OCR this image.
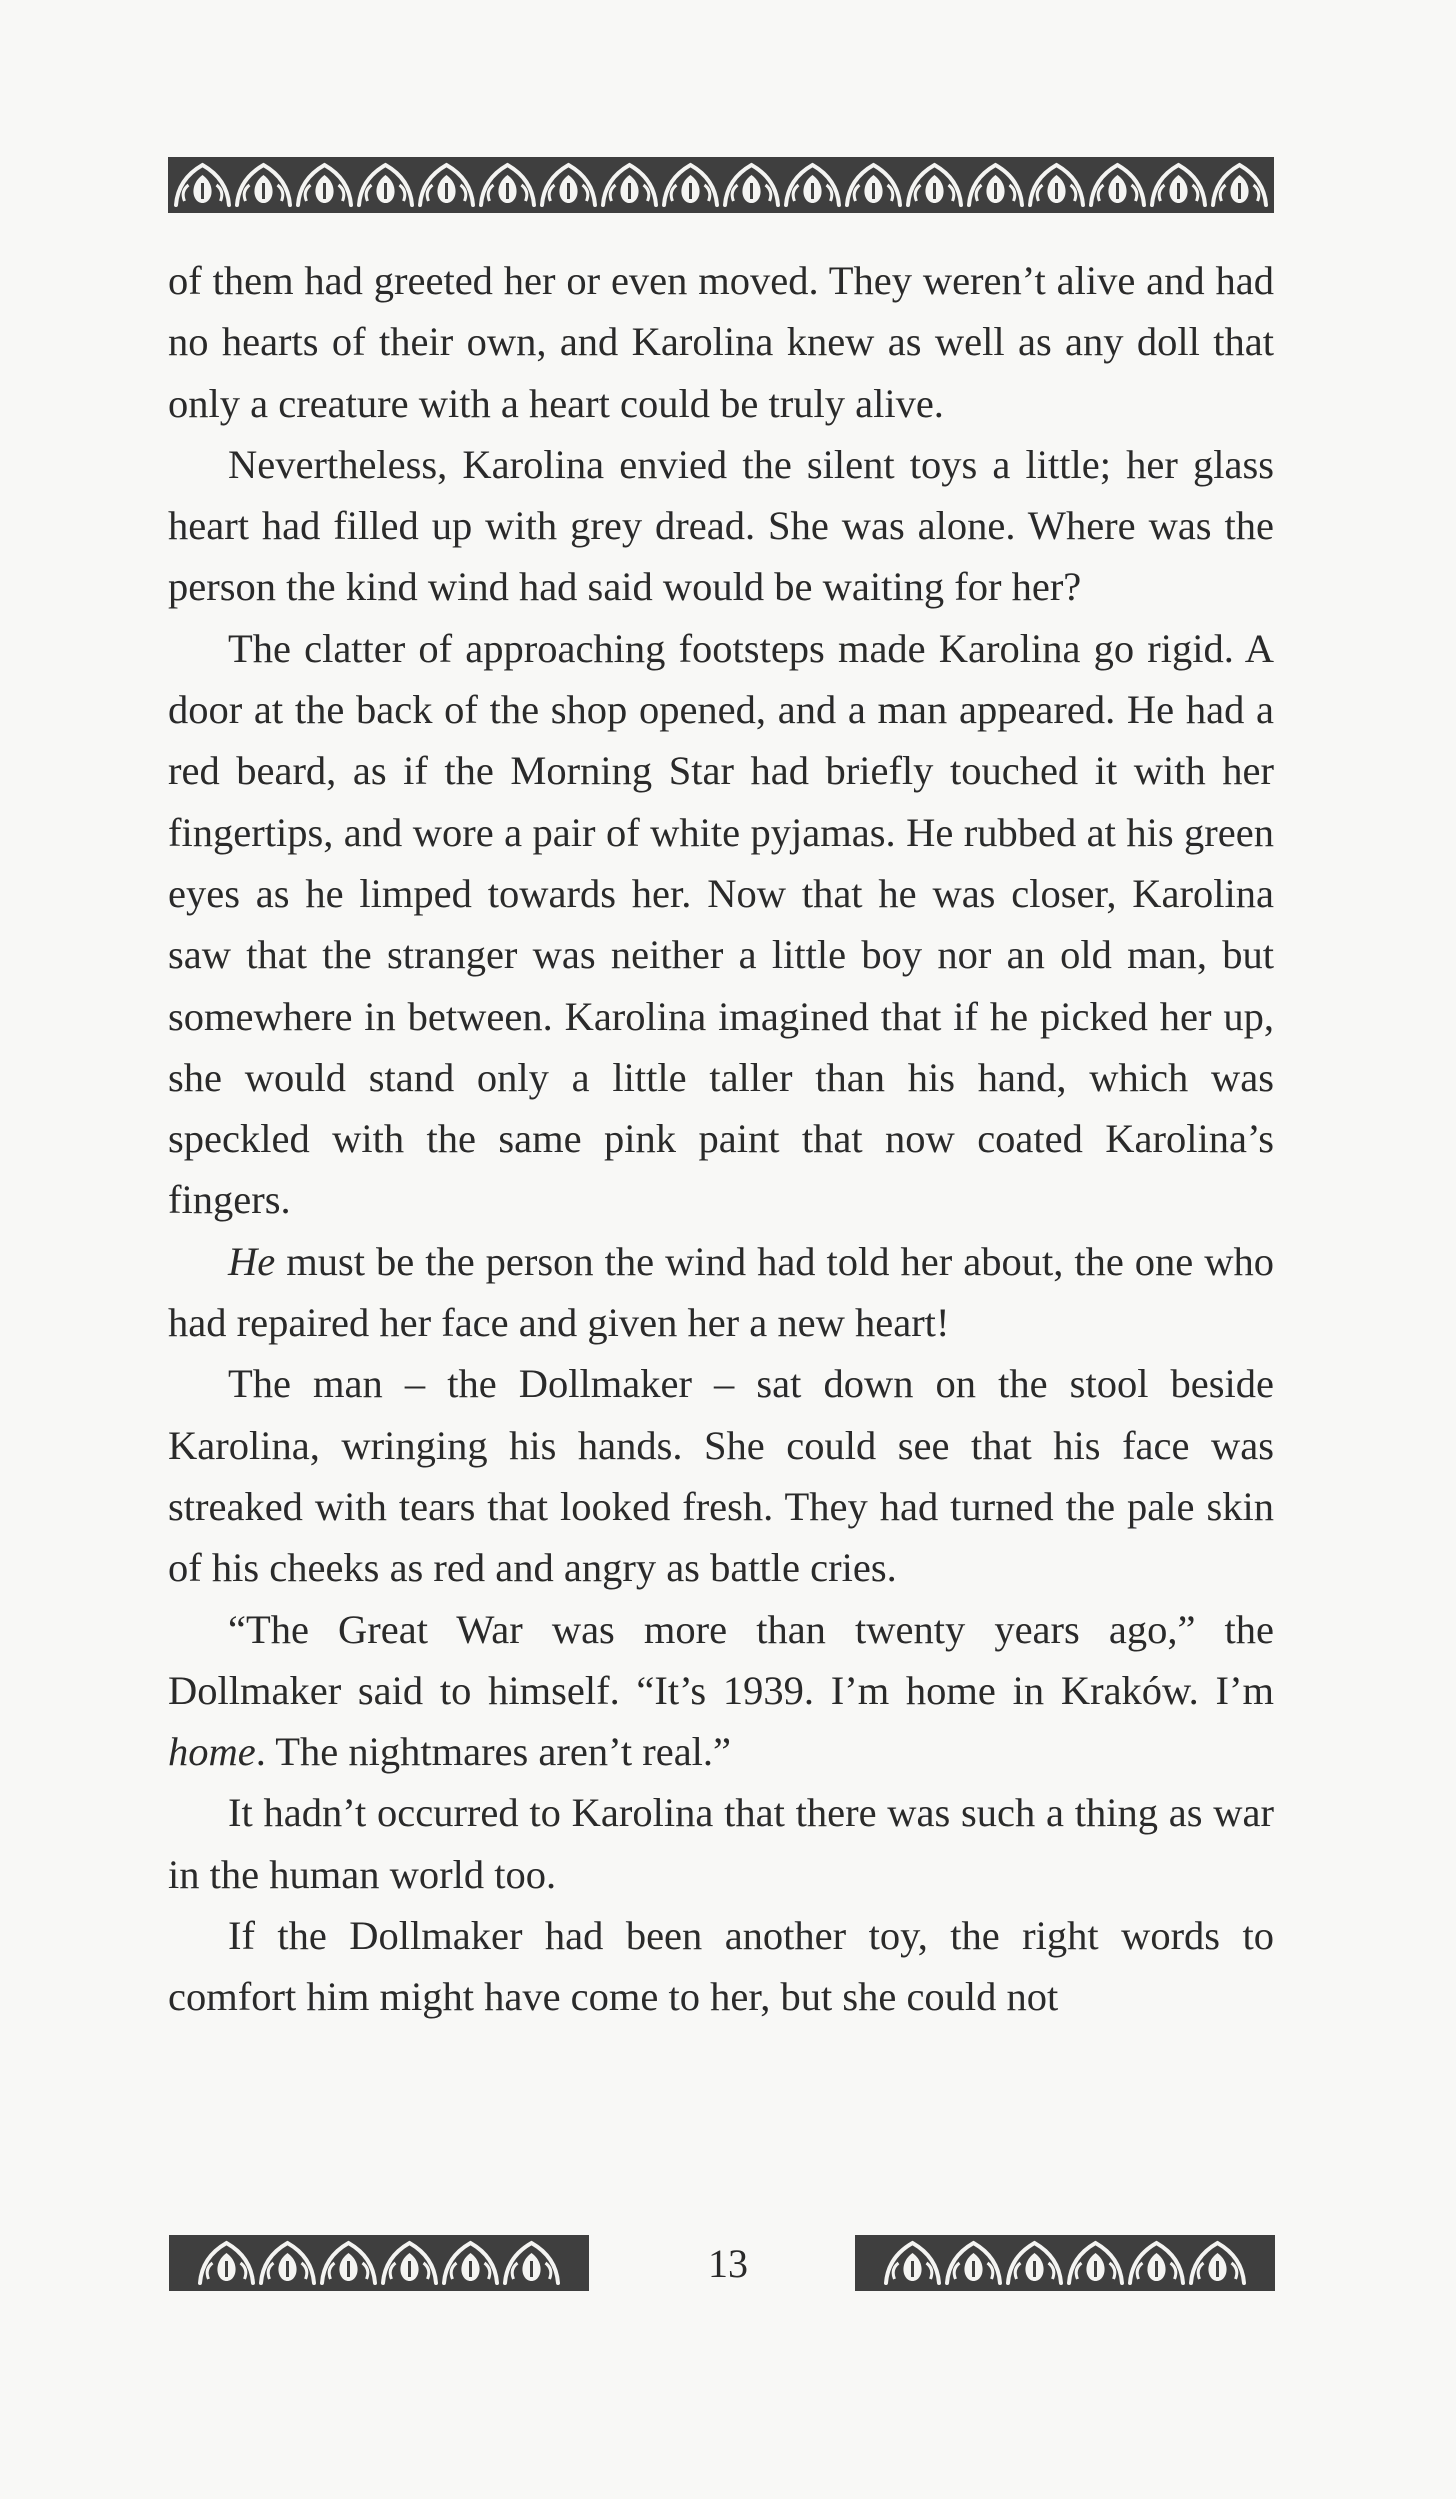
of them had greeted her or even moved. They weren’t alive and had no hearts of their own, and Karolina knew as well as any doll that only a creature with a heart could be truly alive.

Nevertheless, Karolina envied the silent toys a little; her glass heart had filled up with grey dread. She was alone. Where was the person the kind wind had said would be waiting for her?

The clatter of approaching footsteps made Karolina go rigid. A door at the back of the shop opened, and a man appeared. He had a red beard, as if the Morning Star had briefly touched it with her fingertips, and wore a pair of white pyjamas. He rubbed at his green eyes as he limped towards her. Now that he was closer, Karolina saw that the stranger was neither a little boy nor an old man, but somewhere in between. Karolina imagined that if he picked her up, she would stand only a little taller than his hand, which was speckled with the same pink paint that now coated Karolina’s fingers.

He must be the person the wind had told her about, the one who had repaired her face and given her a new heart!

The man – the Dollmaker – sat down on the stool beside Karolina, wringing his hands. She could see that his face was streaked with tears that looked fresh. They had turned the pale skin of his cheeks as red and angry as battle cries.

“The Great War was more than twenty years ago,” the Dollmaker said to himself. “It’s 1939. I’m home in Kraków. I’m home. The nightmares aren’t real.”

It hadn’t occurred to Karolina that there was such a thing as war in the human world too.

If the Dollmaker had been another toy, the right words to comfort him might have come to her, but she could not

13
